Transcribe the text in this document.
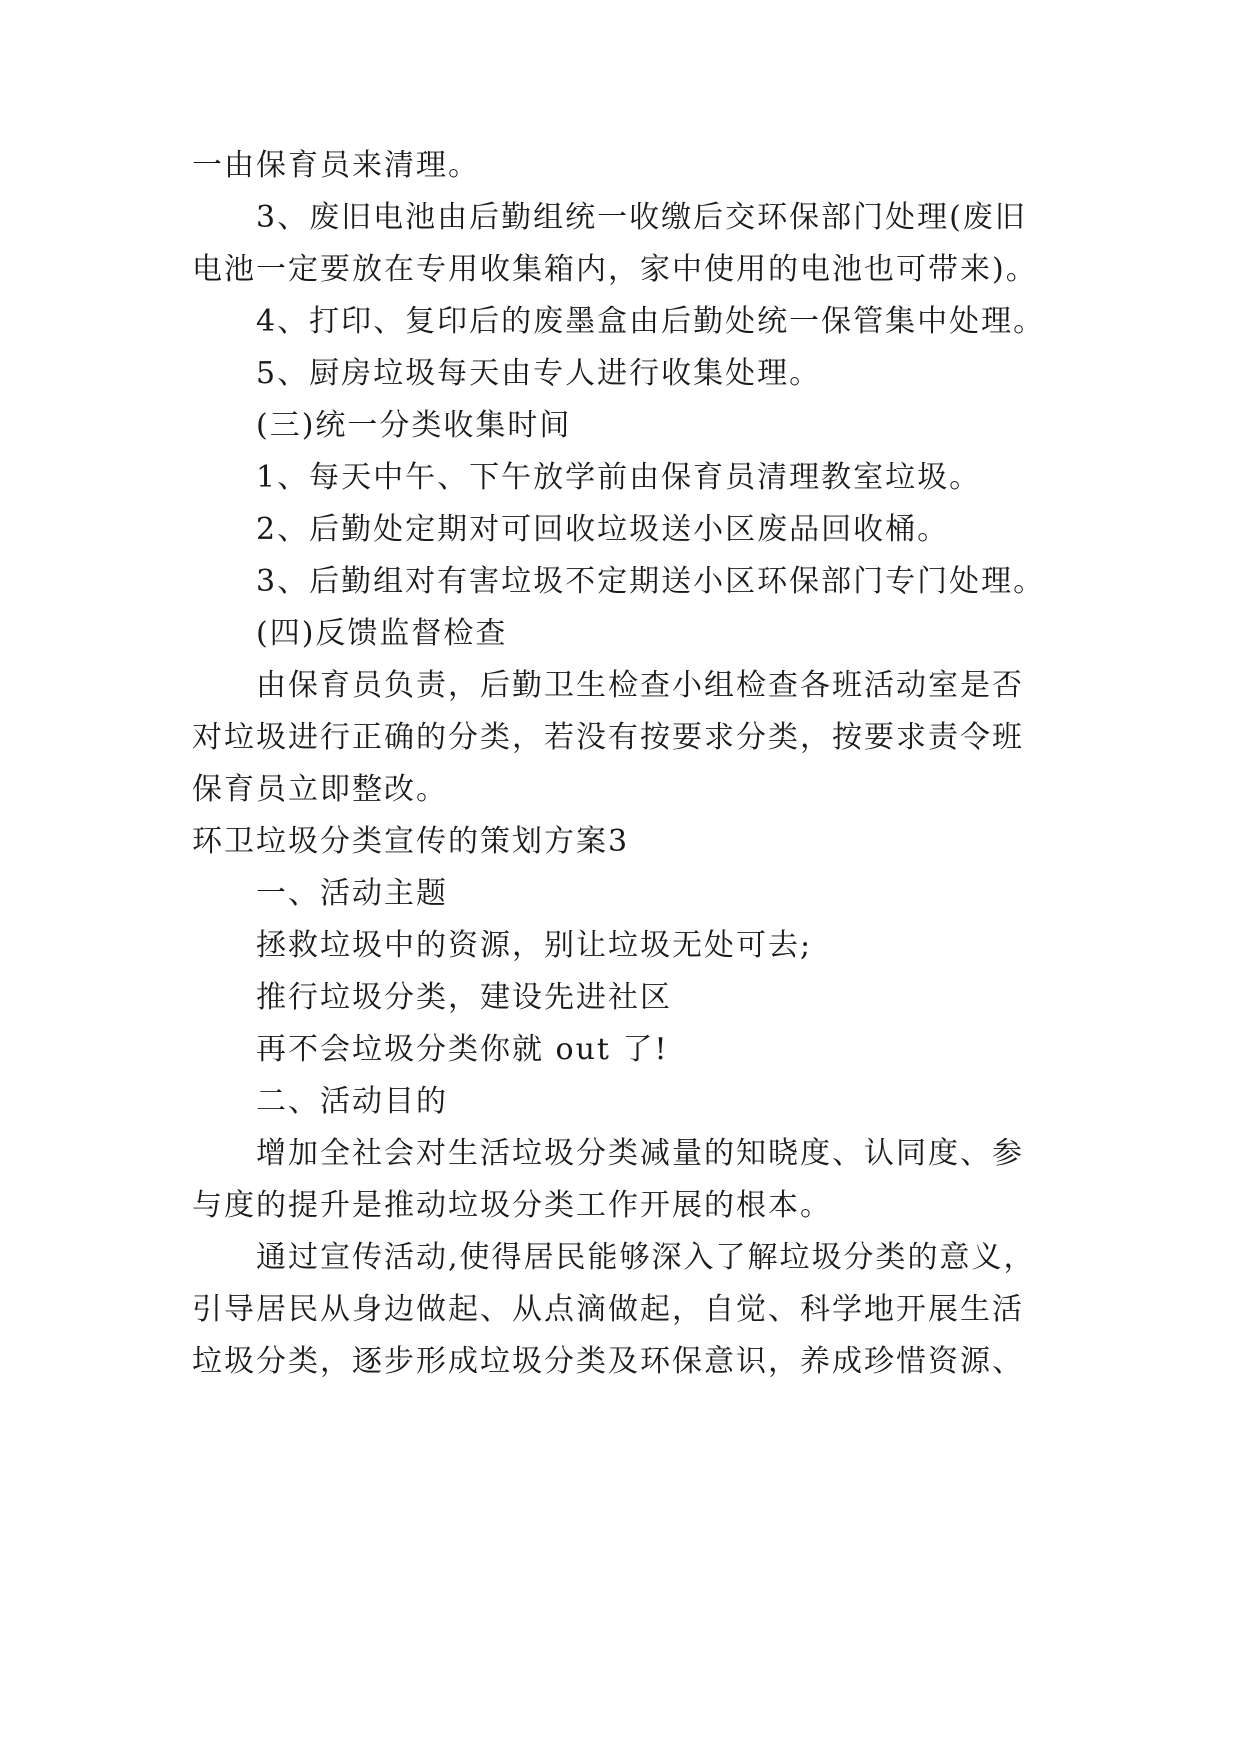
一由保育员来清理。
3、废旧电池由后勤组统一收缴后交环保部门处理(废旧
电池一定要放在专用收集箱内，家中使用的电池也可带来)。
4、打印、复印后的废墨盒由后勤处统一保管集中处理。
5、厨房垃圾每天由专人进行收集处理。
(三)统一分类收集时间
1、每天中午、下午放学前由保育员清理教室垃圾。
2、后勤处定期对可回收垃圾送小区废品回收桶。
3、后勤组对有害垃圾不定期送小区环保部门专门处理。
(四)反馈监督检查
由保育员负责，后勤卫生检查小组检查各班活动室是否
对垃圾进行正确的分类，若没有按要求分类，按要求责令班
保育员立即整改。
环卫垃圾分类宣传的策划方案3
一、活动主题
拯救垃圾中的资源，别让垃圾无处可去;
推行垃圾分类，建设先进社区
再不会垃圾分类你就 out 了!
二、活动目的
增加全社会对生活垃圾分类减量的知晓度、认同度、参
与度的提升是推动垃圾分类工作开展的根本。
通过宣传活动,使得居民能够深入了解垃圾分类的意义，
引导居民从身边做起、从点滴做起，自觉、科学地开展生活
垃圾分类，逐步形成垃圾分类及环保意识，养成珍惜资源、
